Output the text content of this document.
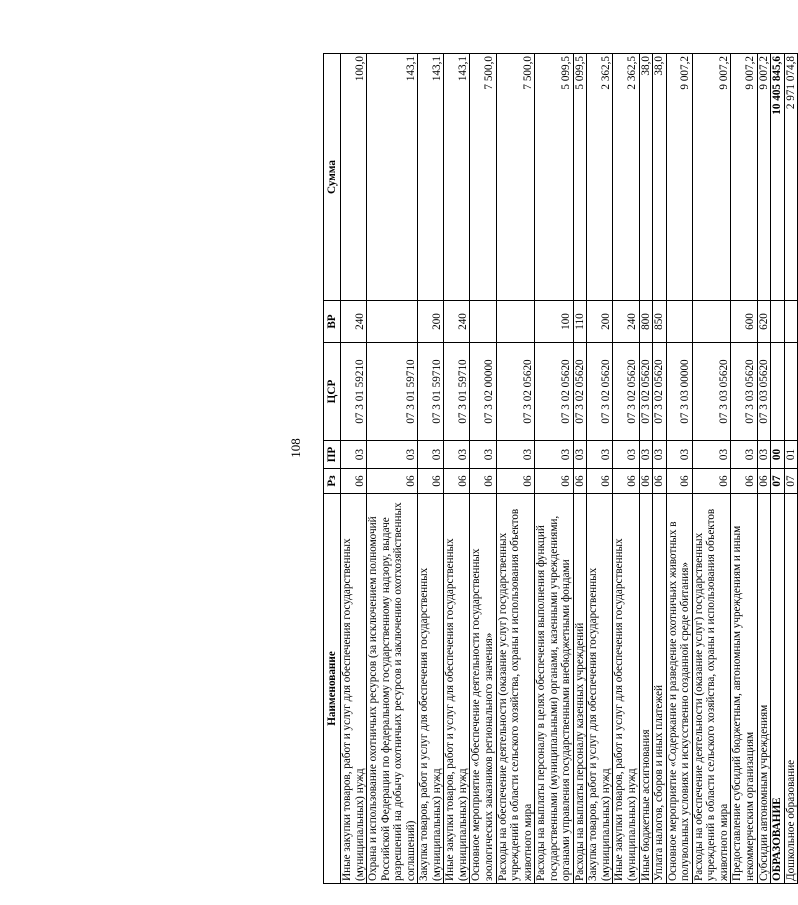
108
Наименование	Рз	ПР	ЦСР	ВР	Сумма
Иные закупки товаров, работ и услуг для обеспечения государственных (муниципальных) нужд	06	03	07 3 01 59210	240	100,0
Охрана и использование охотничьих ресурсов (за исключением полномочий Российской Федерации по федеральному государственному надзору, выдаче разрешений на добычу охотничьих ресурсов и заключению охотхозяйственных соглашений)	06	03	07 3 01 59710		143,1
Закупка товаров, работ и услуг для обеспечения государственных (муниципальных) нужд	06	03	07 3 01 59710	200	143,1
Иные закупки товаров, работ и услуг для обеспечения государственных (муниципальных) нужд	06	03	07 3 01 59710	240	143,1
Основное мероприятие «Обеспечение деятельности государственных зоологических заказников регионального значения»	06	03	07 3 02 00000		7 500,0
Расходы на обеспечение деятельности (оказание услуг) государственных учреждений в области сельского хозяйства, охраны и использования объектов животного мира	06	03	07 3 02 05620		7 500,0
Расходы на выплаты персоналу в целях обеспечения выполнения функций государственными (муниципальными) органами, казенными учреждениями, органами управления государственными внебюджетными фондами	06	03	07 3 02 05620	100	5 099,5
Расходы на выплаты персоналу казенных учреждений	06	03	07 3 02 05620	110	5 099,5
Закупка товаров, работ и услуг для обеспечения государственных (муниципальных) нужд	06	03	07 3 02 05620	200	2 362,5
Иные закупки товаров, работ и услуг для обеспечения государственных (муниципальных) нужд	06	03	07 3 02 05620	240	2 362,5
Иные бюджетные ассигнования	06	03	07 3 02 05620	800	38,0
Уплата налогов, сборов и иных платежей	06	03	07 3 02 05620	850	38,0
Основное мероприятие «Содержание и разведение охотничьих животных в полувольных условиях и искусственно созданной среде обитания»	06	03	07 3 03 00000		9 007,2
Расходы на обеспечение деятельности (оказание услуг) государственных учреждений в области сельского хозяйства, охраны и использования объектов животного мира	06	03	07 3 03 05620		9 007,2
Предоставление субсидий бюджетным, автономным учреждениям и иным некоммерческим организациям	06	03	07 3 03 05620	600	9 007,2
Субсидии автономным учреждениям	06	03	07 3 03 05620	620	9 007,2
ОБРАЗОВАНИЕ	07	00			10 405 845,6
Дошкольное образование	07	01			2 971 074,8
